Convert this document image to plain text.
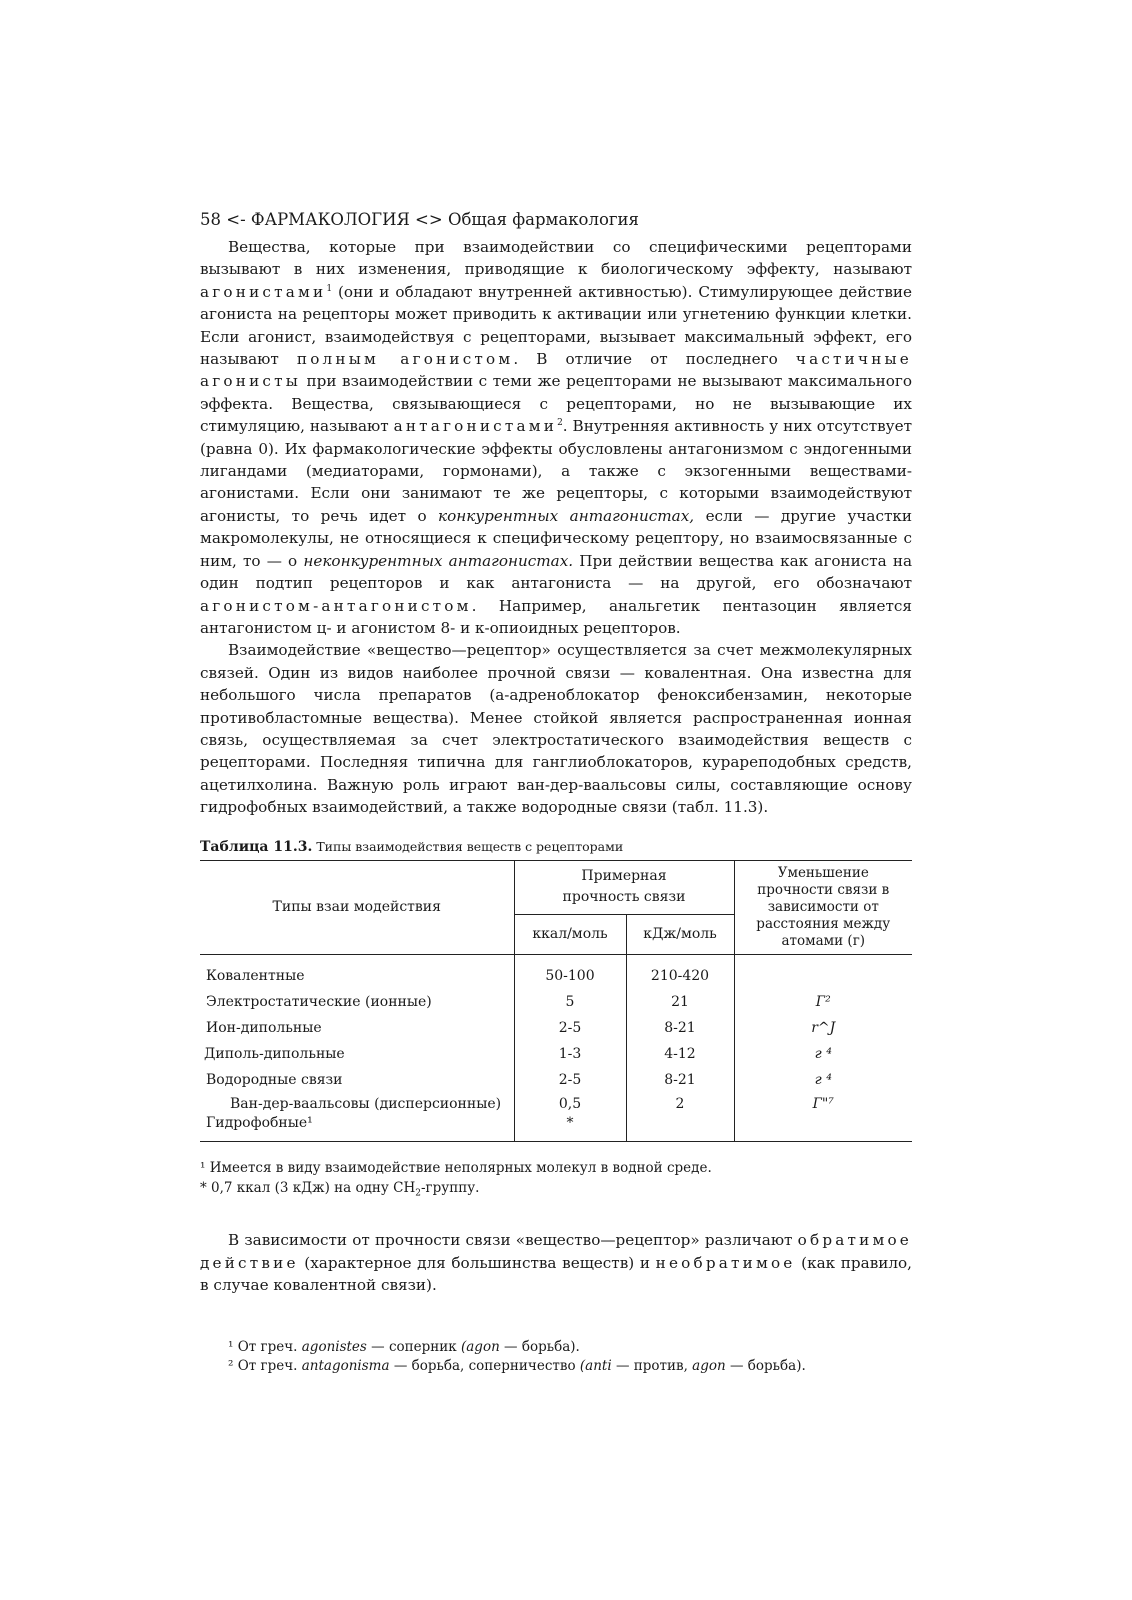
58 <- ФАРМАКОЛОГИЯ <> Общая фармакология

Вещества, которые при взаимодействии со специфическими рецепторами вызывают в них изменения, приводящие к биологическому эффекту, называют агонистами$^1$ (они и обладают внутренней активностью). Стимулирующее действие агониста на рецепторы может приводить к активации или угнетению функции клетки. Если агонист, взаимодействуя с рецепторами, вызывает максимальный эффект, его называют полным агонистом. В отличие от последнего частичные агонисты при взаимодействии с теми же рецепторами не вызывают максимального эффекта. Вещества, связывающиеся с рецепторами, но не вызывающие их стимуляцию, называют антагонистами$^2$. Внутренняя активность у них отсутствует (равна 0). Их фармакологические эффекты обусловлены антагонизмом с эндогенными лигандами (медиаторами, гормонами), а также с экзогенными веществами-агонистами. Если они занимают те же рецепторы, с которыми взаимодействуют агонисты, то речь идет о конкурентных антагонистах, если — другие участки макромолекулы, не относящиеся к специфическому рецептору, но взаимосвязанные с ним, то — о неконкурентных антагонистах. При действии вещества как агониста на один подтип рецепторов и как антагониста — на другой, его обозначают агонистом-антагонистом. Например, анальгетик пентазоцин является антагонистом ц- и агонистом 8- и к-опиоидных рецепторов.

Взаимодействие «вещество—рецептор» осуществляется за счет межмолекулярных связей. Один из видов наиболее прочной связи — ковалентная. Она известна для небольшого числа препаратов (а-адреноблокатор феноксибензамин, некоторые противобластомные вещества). Менее стойкой является распространенная ионная связь, осуществляемая за счет электростатического взаимодействия веществ с рецепторами. Последняя типична для ганглиоблокаторов, курареподобных средств, ацетилхолина. Важную роль играют ван-дер-ваальсовы силы, составляющие основу гидрофобных взаимодействий, а также водородные связи (табл. 11.3).

Таблица 11.3. Типы взаимодействия веществ с рецепторами
Типы взаи модействия	Примерная прочность связи		Уменьшение прочности связи в зависимости от расстояния между атомами (г)
	ккал/моль	кДж/моль	
Ковалентные	50-100	210-420	
Электростатические (ионные)	5	21	Г²
Ион-дипольные	2-5	8-21	r^J
Диполь-дипольные	1-3	4-12	г ⁴
Водородные связи	2-5	8-21	г ⁴
Ван-дер-ваальсовы (дисперсионные)	0,5	2	Г"⁷
Гидрофобные¹	*		
¹ Имеется в виду взаимодействие неполярных молекул в водной среде.
* 0,7 ккал (3 кДж) на одну $СН_2$-группу.

В зависимости от прочности связи «вещество—рецептор» различают обратимое действие (характерное для большинства веществ) и необратимое (как правило, в случае ковалентной связи).

¹ От греч. agonistes — соперник (agon — борьба).
² От греч. antagonisma — борьба, соперничество (anti — против, agon — борьба).
